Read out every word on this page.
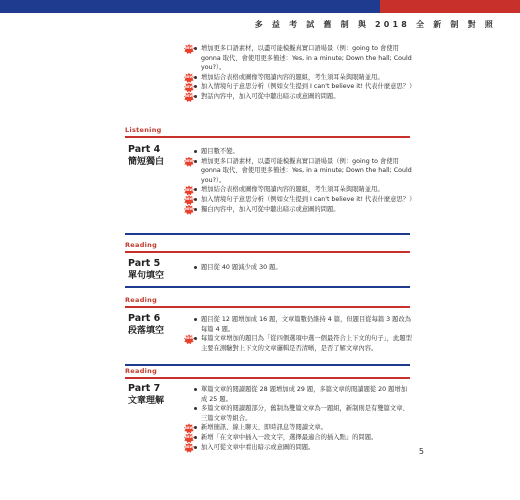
多 益 考 試 舊 制 與 2018 全 新 制 對 照
NEW 增加更多口語素材，以盡可能模擬真實口語場景（例：going to 會使用 gonna 取代、會使用更多簡述：Yes, in a minute; Down the hall; Could you?）。
NEW 增加結合表格或圖像等閱讀內容的題組，考生須耳朵與眼睛並用。
NEW 加入情境句子意思分析（例如女生提到 I can't believe it! 代表什麼意思？）
NEW 對話內容中，加入可從中聽出暗示或意圖的問題。
Listening
Part 4
簡短獨白
題目數不變。
NEW 增加更多口語素材，以盡可能模擬真實口語場景（例：going to 會使用 gonna 取代、會使用更多簡述：Yes, in a minute; Down the hall; Could you?）。
NEW 增加結合表格或圖像等閱讀內容的題組，考生須耳朵與眼睛並用。
NEW 加入情境句子意思分析（例如女生提到 I can't believe it! 代表什麼意思？）
NEW 獨白內容中，加入可從中聽出暗示或意圖的問題。
Reading
Part 5
單句填空
題目從 40 題減少成 30 題。
Reading
Part 6
段落填空
題目從 12 題增加成 16 題，文章篇數仍維持 4 篇，但題目從每篇 3 題改為每篇 4 題。
NEW 每篇文章增加的題目為「從四個選項中選一個最符合上下文的句子」，此題型主要在測驗對上下文的文章邏輯是否清晰，是否了解文章內容。
Reading
Part 7
文章理解
單篇文章的閱讀題從 28 題增加成 29 題，多篇文章的閱讀題從 20 題增加成 25 題。
多篇文章的閱讀題部分，舊制為雙篇文章為一題組，新制則是有雙篇文章、三篇文章等組合。
NEW 新增簡訊、線上聊天、即時訊息等閱讀文章。
NEW 新增「在文章中插入一段文字，選擇最適合的插入點」的問題。
NEW 加入可從文章中看出暗示或意圖的問題。	5
